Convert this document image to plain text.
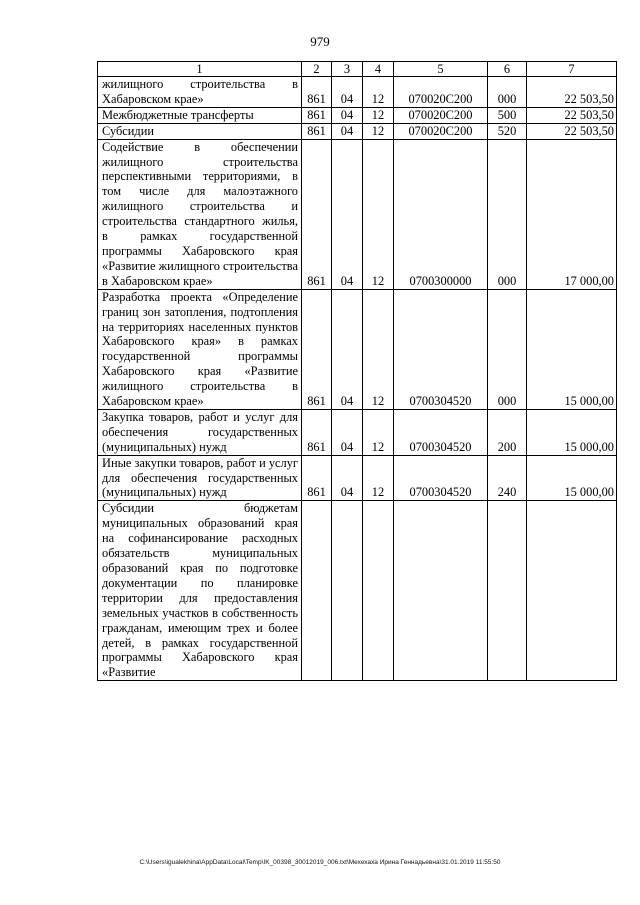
979
1	2	3	4	5	6	7
жилищного строительства в Хабаровском крае»	861	04	12	070020C200	000	22 503,50
Межбюджетные трансферты	861	04	12	070020C200	500	22 503,50
Субсидии	861	04	12	070020C200	520	22 503,50
Содействие в обеспечении жилищного строительства перспективными территориями, в том числе для малоэтажного жилищного строительства и строительства стандартного жилья, в рамках государственной программы Хабаровского края «Развитие жилищного строительства в Хабаровском крае»	861	04	12	0700300000	000	17 000,00
Разработка проекта «Определение границ зон затопления, подтопления на территориях населенных пунктов Хабаровского края» в рамках государственной программы Хабаровского края «Развитие жилищного строительства в Хабаровском крае»	861	04	12	0700304520	000	15 000,00
Закупка товаров, работ и услуг для обеспечения государственных (муниципальных) нужд	861	04	12	0700304520	200	15 000,00
Иные закупки товаров, работ и услуг для обеспечения государственных (муниципальных) нужд	861	04	12	0700304520	240	15 000,00
Субсидии бюджетам муниципальных образований края на софинансирование расходных обязательств муниципальных образований края по подготовке документации по планировке территории для предоставления земельных участков в собственность гражданам, имеющим трех и более детей, в рамках государственной программы Хабаровского края «Развитие						
C:\Users\igualekhina\AppData\Local\Temp\IK_00398_30012019_006.txt\Мехехаха Ирина Геннадьевна\31.01.2019 11:55:50
